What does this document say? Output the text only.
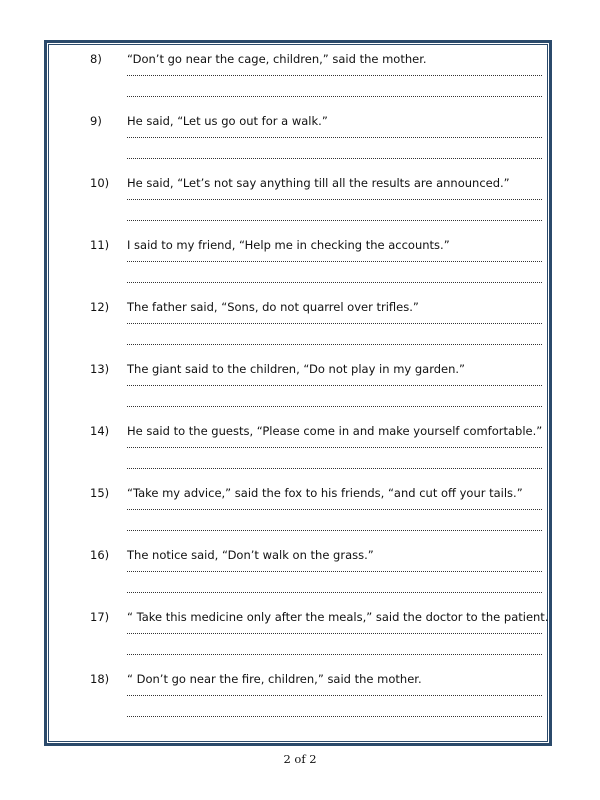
8) “Don’t go near the cage, children,” said the mother.
9) He said, “Let us go out for a walk.”
10) He said, “Let’s not say anything till all the results are announced.”
11) I said to my friend, “Help me in checking the accounts.”
12) The father said, “Sons, do not quarrel over trifles.”
13) The giant said to the children, “Do not play in my garden.”
14) He said to the guests, “Please come in and make yourself comfortable.”
15) “Take my advice,” said the fox to his friends, “and cut off your tails.”
16) The notice said, “Don’t walk on the grass.”
17) “ Take this medicine only after the meals,” said the doctor to the patient.
18) “ Don’t go near the fire, children,” said the mother.
2 of 2
